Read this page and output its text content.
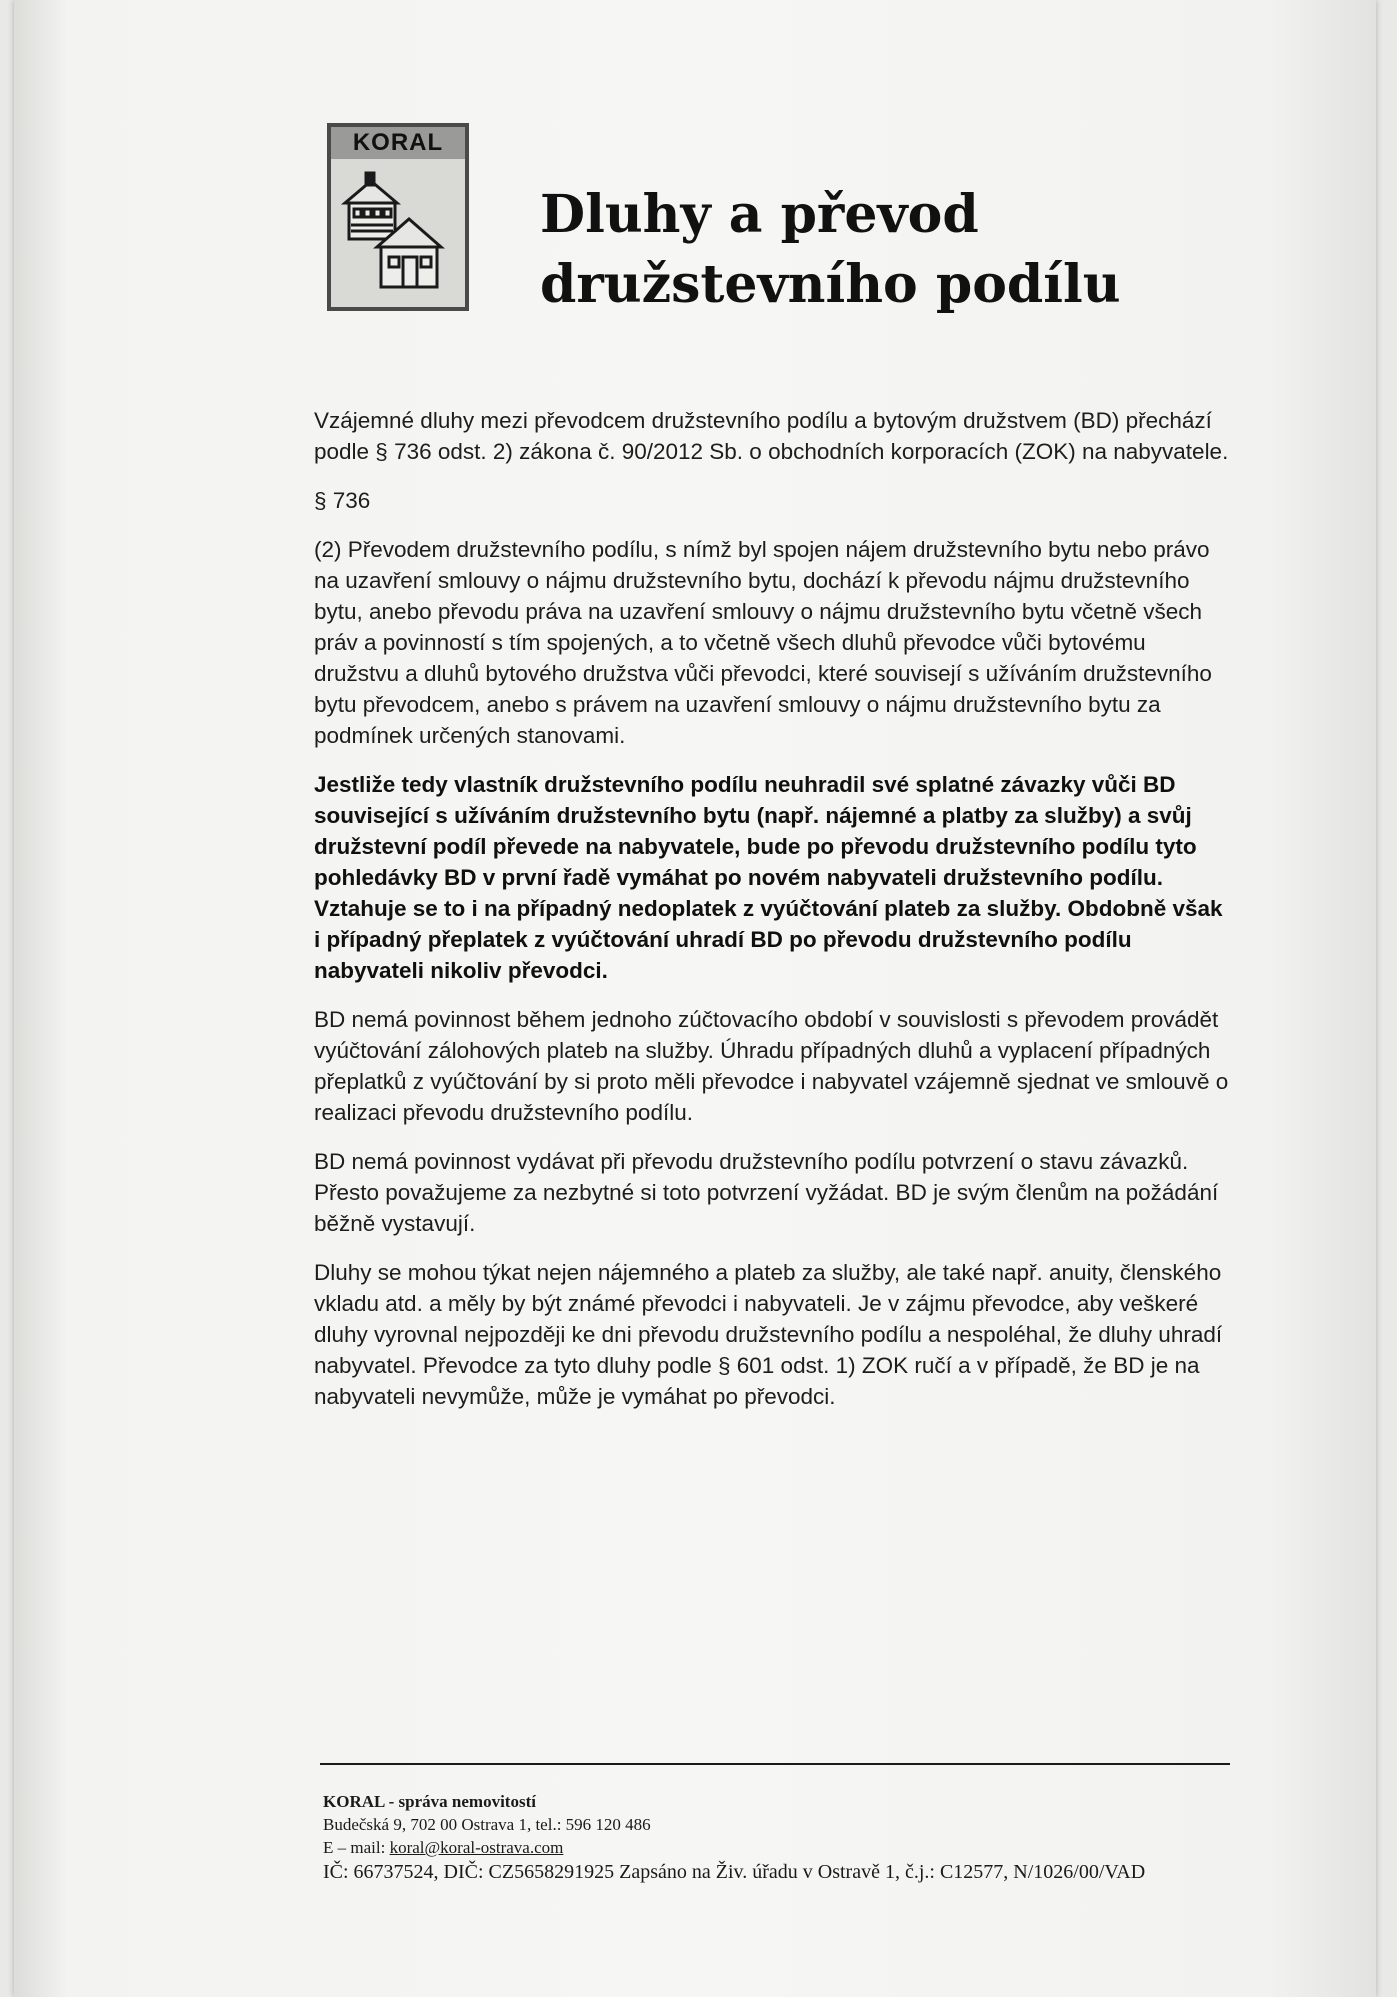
KORAL
Dluhy a převod
družstevního podílu

Vzájemné dluhy mezi převodcem družstevního podílu a bytovým družstvem (BD) přechází podle § 736 odst. 2) zákona č. 90/2012 Sb. o obchodních korporacích (ZOK) na nabyvatele.

§ 736

(2) Převodem družstevního podílu, s nímž byl spojen nájem družstevního bytu nebo právo na uzavření smlouvy o nájmu družstevního bytu, dochází k převodu nájmu družstevního bytu, anebo převodu práva na uzavření smlouvy o nájmu družstevního bytu včetně všech práv a povinností s tím spojených, a to včetně všech dluhů převodce vůči bytovému družstvu a dluhů bytového družstva vůči převodci, které souvisejí s užíváním družstevního bytu převodcem, anebo s právem na uzavření smlouvy o nájmu družstevního bytu za podmínek určených stanovami.

Jestliže tedy vlastník družstevního podílu neuhradil své splatné závazky vůči BD související s užíváním družstevního bytu (např. nájemné a platby za služby) a svůj družstevní podíl převede na nabyvatele, bude po převodu družstevního podílu tyto pohledávky BD v první řadě vymáhat po novém nabyvateli družstevního podílu. Vztahuje se to i na případný nedoplatek z vyúčtování plateb za služby. Obdobně však i případný přeplatek z vyúčtování uhradí BD po převodu družstevního podílu nabyvateli nikoliv převodci.

BD nemá povinnost během jednoho zúčtovacího období v souvislosti s převodem provádět vyúčtování zálohových plateb na služby. Úhradu případných dluhů a vyplacení případných přeplatků z vyúčtování by si proto měli převodce i nabyvatel vzájemně sjednat ve smlouvě o realizaci převodu družstevního podílu.

BD nemá povinnost vydávat při převodu družstevního podílu potvrzení o stavu závazků. Přesto považujeme za nezbytné si toto potvrzení vyžádat. BD je svým členům na požádání běžně vystavují.

Dluhy se mohou týkat nejen nájemného a plateb za služby, ale také např. anuity, členského vkladu atd. a měly by být známé převodci i nabyvateli. Je v zájmu převodce, aby veškeré dluhy vyrovnal nejpozději ke dni převodu družstevního podílu a nespoléhal, že dluhy uhradí nabyvatel. Převodce za tyto dluhy podle § 601 odst. 1) ZOK ručí a v případě, že BD je na nabyvateli nevymůže, může je vymáhat po převodci.

KORAL - správa nemovitostí
Budečská 9, 702 00 Ostrava 1, tel.: 596 120 486
E – mail: koral@koral-ostrava.com
IČ: 66737524, DIČ: CZ5658291925 Zapsáno na Živ. úřadu v Ostravě 1, č.j.: C12577, N/1026/00/VAD
